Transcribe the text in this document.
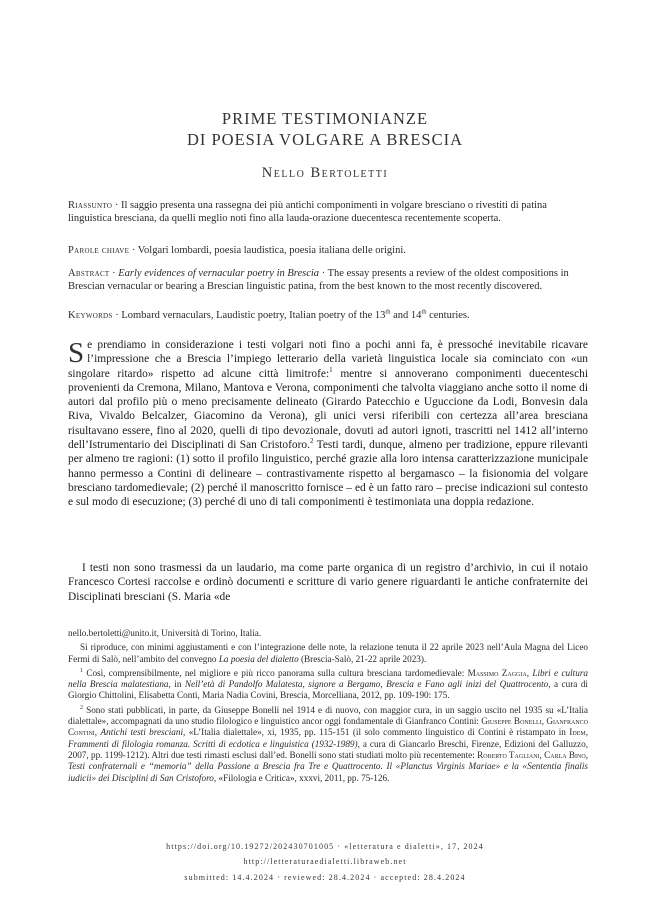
PRIME TESTIMONIANZE
DI POESIA VOLGARE A BRESCIA
Nello Bertoletti
Riassunto · Il saggio presenta una rassegna dei più antichi componimenti in volgare bresciano o rivestiti di patina linguistica bresciana, da quelli meglio noti fino alla lauda-orazione duecentesca recentemente scoperta.
Parole chiave · Volgari lombardi, poesia laudistica, poesia italiana delle origini.
Abstract · Early evidences of vernacular poetry in Brescia · The essay presents a review of the oldest compositions in Brescian vernacular or bearing a Brescian linguistic patina, from the best known to the most recently discovered.
Keywords · Lombard vernaculars, Laudistic poetry, Italian poetry of the 13th and 14th centuries.
Se prendiamo in considerazione i testi volgari noti fino a pochi anni fa, è pressoché inevitabile ricavare l’impressione che a Brescia l’impiego letterario della varietà linguistica locale sia cominciato con «un singolare ritardo» rispetto ad alcune città limitrofe:$^1$ mentre si annoverano componimenti duecenteschi provenienti da Cremona, Milano, Mantova e Verona, componimenti che talvolta viaggiano anche sotto il nome di autori dal profilo più o meno precisamente delineato (Girardo Patecchio e Uguccione da Lodi, Bonvesin dala Riva, Vivaldo Belcalzer, Giacomino da Verona), gli unici versi riferibili con certezza all’area bresciana risultavano essere, fino al 2020, quelli di tipo devozionale, dovuti ad autori ignoti, trascritti nel 1412 all’interno dell’Istrumentario dei Disciplinati di San Cristoforo.$^2$ Testi tardi, dunque, almeno per tradizione, eppure rilevanti per almeno tre ragioni: (1) sotto il profilo linguistico, perché grazie alla loro intensa caratterizzazione municipale hanno permesso a Contini di delineare – contrastivamente rispetto al bergamasco – la fisionomia del volgare bresciano tardomedievale; (2) perché il manoscritto fornisce – ed è un fatto raro – precise indicazioni sul contesto e sul modo di esecuzione; (3) perché di uno di tali componimenti è testimoniata una doppia redazione.
I testi non sono trasmessi da un laudario, ma come parte organica di un registro d’archivio, in cui il notaio Francesco Cortesi raccolse e ordinò documenti e scritture di vario genere riguardanti le antiche confraternite dei Disciplinati bresciani (S. Maria «de

nello.bertoletti@unito.it, Università di Torino, Italia.

Si riproduce, con minimi aggiustamenti e con l’integrazione delle note, la relazione tenuta il 22 aprile 2023 nell’Aula Magna del Liceo Fermi di Salò, nell’ambito del convegno La poesia del dialetto (Brescia-Salò, 21-22 aprile 2023).

$^1$ Così, comprensibilmente, nel migliore e più ricco panorama sulla cultura bresciana tardomedievale: Massimo Zaggia, Libri e cultura nella Brescia malatestiana, in Nell’età di Pandolfo Malatesta, signore a Bergamo, Brescia e Fano agli inizi del Quattrocento, a cura di Giorgio Chittolini, Elisabetta Conti, Maria Nadia Covini, Brescia, Morcelliana, 2012, pp. 109-190: 175.

$^2$ Sono stati pubblicati, in parte, da Giuseppe Bonelli nel 1914 e di nuovo, con maggior cura, in un saggio uscito nel 1935 su «L’Italia dialettale», accompagnati da uno studio filologico e linguistico ancor oggi fondamentale di Gianfranco Contini: Giuseppe Bonelli, Gianfranco Contini, Antichi testi bresciani, «L’Italia dialettale», xi, 1935, pp. 115-151 (il solo commento linguistico di Contini è ristampato in Idem, Frammenti di filologia romanza. Scritti di ecdotica e linguistica (1932-1989), a cura di Giancarlo Breschi, Firenze, Edizioni del Galluzzo, 2007, pp. 1199-1212). Altri due testi rimasti esclusi dall’ed. Bonelli sono stati studiati molto più recentemente: Roberto Tagliani, Carla Bino, Testi confraternali e “memoria” della Passione a Brescia fra Tre e Quattrocento. Il «Planctus Virginis Mariae» e la «Sententia finalis iudicii» dei Disciplini di San Cristoforo, «Filologia e Critica», xxxvi, 2011, pp. 75-126.

https://doi.org/10.19272/202430701005 · «letteratura e dialetti», 17, 2024
http://letteraturaedialetti.libraweb.net
submitted: 14.4.2024 · reviewed: 28.4.2024 · accepted: 28.4.2024
